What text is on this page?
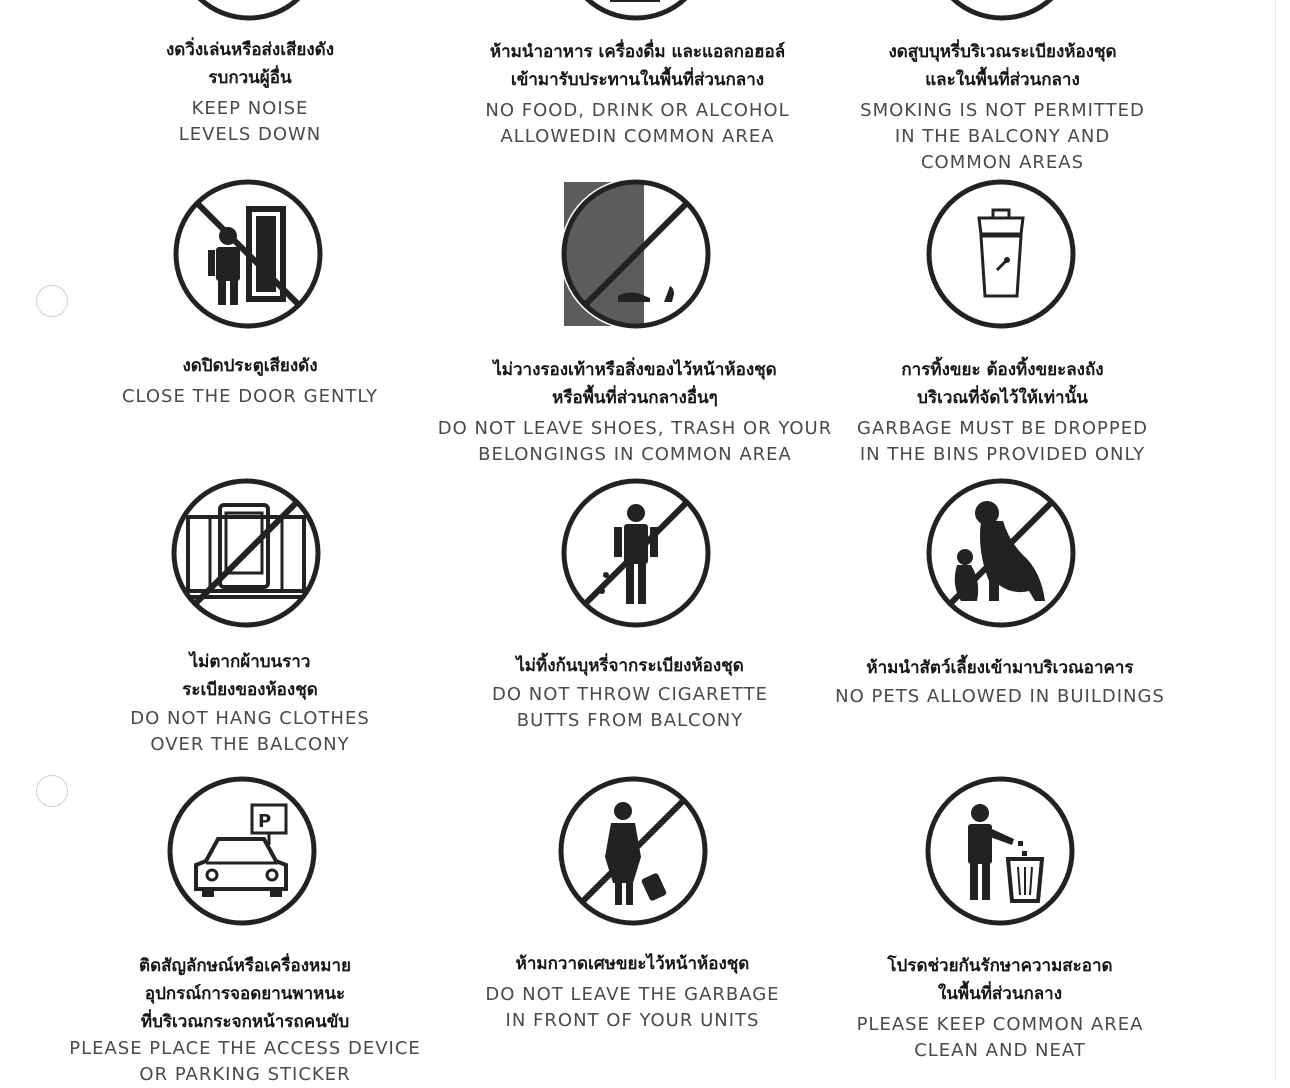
งดวิ่งเล่นหรือส่งเสียงดัง
รบกวนผู้อื่น
KEEP NOISE
LEVELS DOWN
ห้ามนำอาหาร เครื่องดื่ม และแอลกอฮอล์
เข้ามารับประทานในพื้นที่ส่วนกลาง
NO FOOD, DRINK OR ALCOHOL
ALLOWEDIN COMMON AREA
งดสูบบุหรี่บริเวณระเบียงห้องชุด
และในพื้นที่ส่วนกลาง
SMOKING IS NOT PERMITTED
IN THE BALCONY AND
COMMON AREAS
งดปิดประตูเสียงดัง
CLOSE THE DOOR GENTLY
ไม่วางรองเท้าหรือสิ่งของไว้หน้าห้องชุด
หรือพื้นที่ส่วนกลางอื่นๆ
DO NOT LEAVE SHOES, TRASH OR YOUR
BELONGINGS IN COMMON AREA
การทิ้งขยะ ต้องทิ้งขยะลงถัง
บริเวณที่จัดไว้ให้เท่านั้น
GARBAGE MUST BE DROPPED
IN THE BINS PROVIDED ONLY
ไม่ตากผ้าบนราว
ระเบียงของห้องชุด
DO NOT HANG CLOTHES
OVER THE BALCONY
ไม่ทิ้งก้นบุหรี่จากระเบียงห้องชุด
DO NOT THROW CIGARETTE
BUTTS FROM BALCONY
ห้ามนำสัตว์เลี้ยงเข้ามาบริเวณอาคาร
NO PETS ALLOWED IN BUILDINGS
P
ติดสัญลักษณ์หรือเครื่องหมาย
อุปกรณ์การจอดยานพาหนะ
ที่บริเวณกระจกหน้ารถคนขับ
PLEASE PLACE THE ACCESS DEVICE
OR PARKING STICKER
ห้ามกวาดเศษขยะไว้หน้าห้องชุด
DO NOT LEAVE THE GARBAGE
IN FRONT OF YOUR UNITS
โปรดช่วยกันรักษาความสะอาด
ในพื้นที่ส่วนกลาง
PLEASE KEEP COMMON AREA
CLEAN AND NEAT
